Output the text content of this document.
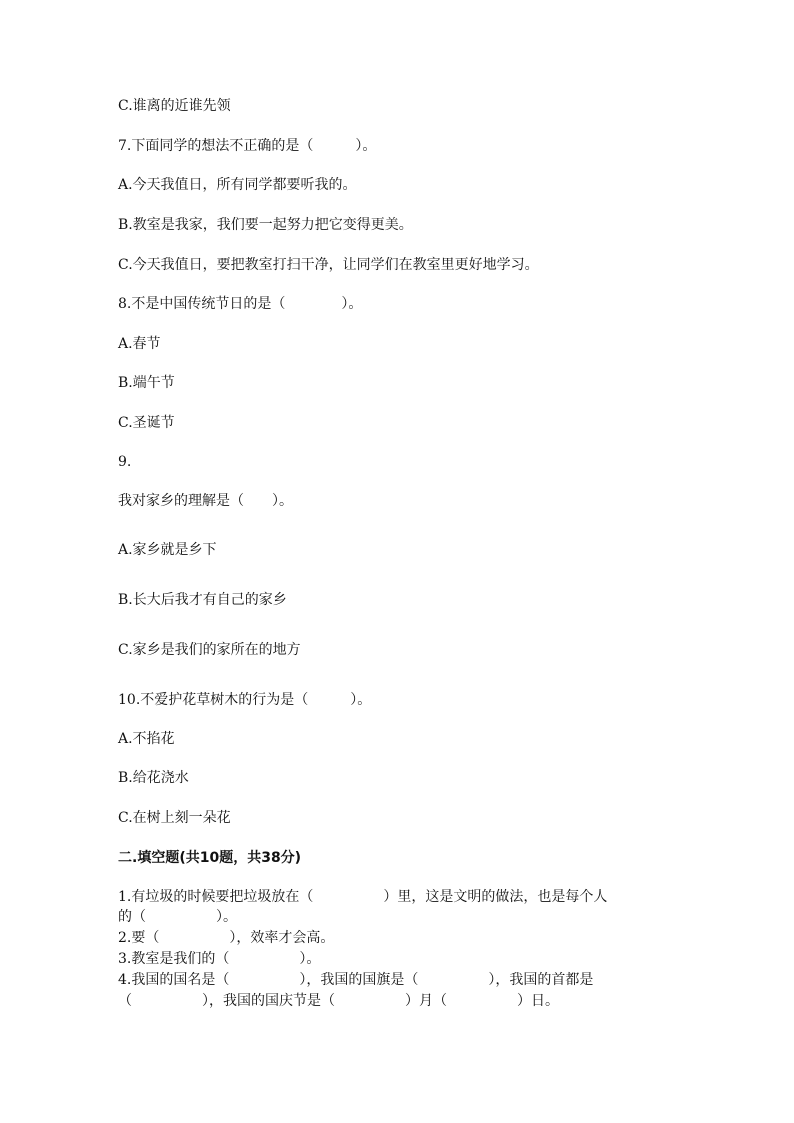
C.谁离的近谁先领
7.下面同学的想法不正确的是（　　　）。
A.今天我值日，所有同学都要听我的。
B.教室是我家，我们要一起努力把它变得更美。
C.今天我值日，要把教室打扫干净，让同学们在教室里更好地学习。
8.不是中国传统节日的是（　　　　）。
A.春节
B.端午节
C.圣诞节
9.
我对家乡的理解是（　　）。
A.家乡就是乡下
B.长大后我才有自己的家乡
C.家乡是我们的家所在的地方
10.不爱护花草树木的行为是（　　　）。
A.不掐花
B.给花浇水
C.在树上刻一朵花
二.填空题(共10题，共38分)
1.有垃圾的时候要把垃圾放在（　　　　　）里，这是文明的做法，也是每个人
的（　　　　　）。
2.要（　　　　　），效率才会高。
3.教室是我们的（　　　　　）。
4.我国的国名是（　　　　　），我国的国旗是（　　　　　），我国的首都是
（　　　　　），我国的国庆节是（　　　　　）月（　　　　　）日。
